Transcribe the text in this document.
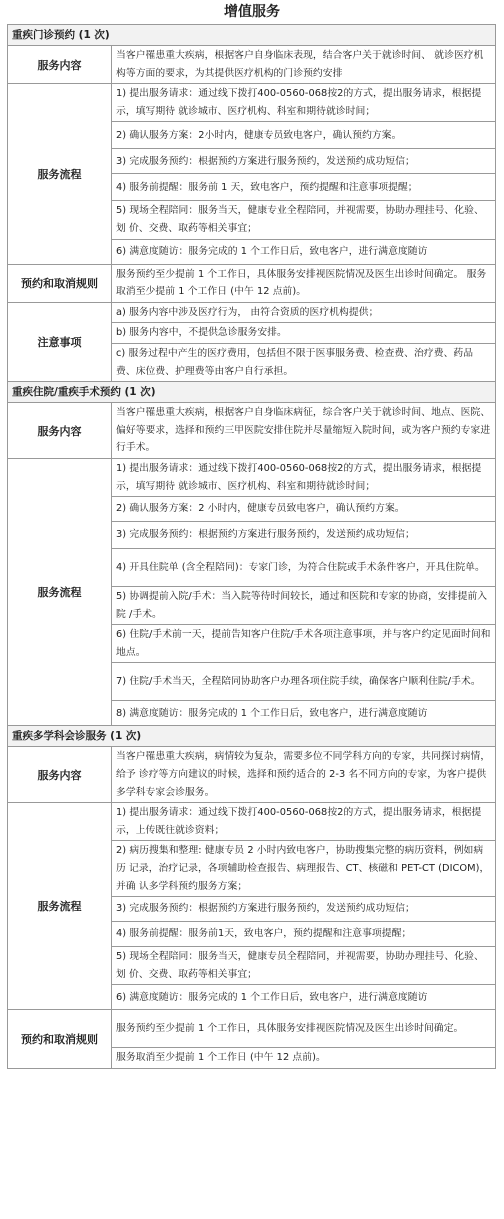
增值服务
重疾门诊预约 (1 次)	
服务内容	当客户罹患重大疾病，根据客户自身临床表现，结合客户关于就诊时间、 就诊医疗机构等方面的要求，为其提供医疗机构的门诊预约安排
服务流程	1) 提出服务请求：通过线下拨打400-0560-068按2的方式，提出服务请求，根据提示，填写期待 就诊城市、医疗机构、科室和期待就诊时间；
	2) 确认服务方案：2小时内，健康专员致电客户，确认预约方案。
	3) 完成服务预约：根据预约方案进行服务预约，发送预约成功短信；
	4) 服务前提醒：服务前 1 天，致电客户，预约提醒和注意事项提醒；
	5) 现场全程陪同：服务当天，健康专业全程陪同，并视需要，协助办理挂号、化验、划 价、交费、取药等相关事宜；
	6) 满意度随访：服务完成的 1 个工作日后，致电客户，进行满意度随访
预约和取消规则	服务预约至少提前 1 个工作日，具体服务安排视医院情况及医生出诊时间确定。 服务取消至少提前 1 个工作日 (中午 12 点前)。
注意事项	a) 服务内容中涉及医疗行为， 由符合资质的医疗机构提供；
	b) 服务内容中，不提供急诊服务安排。
	c) 服务过程中产生的医疗费用，包括但不限于医事服务费、检查费、治疗费、药品费、床位费、护理费等由客户自行承担。
重疾住院/重疾手术预约 (1 次)	
服务内容	当客户罹患重大疾病，根据客户自身临床病征，综合客户关于就诊时间、地点、医院、偏好等要求，选择和预约三甲医院安排住院并尽量缩短入院时间，或为客户预约专家进行手术。
服务流程	1) 提出服务请求：通过线下拨打400-0560-068按2的方式，提出服务请求，根据提示，填写期待 就诊城市、医疗机构、科室和期待就诊时间；
	2) 确认服务方案：2 小时内，健康专员致电客户，确认预约方案。
	3) 完成服务预约：根据预约方案进行服务预约，发送预约成功短信；
	4) 开具住院单 (含全程陪同)：专家门诊，为符合住院或手术条件客户，开具住院单。
	5) 协调提前入院/手术：当入院等待时间较长，通过和医院和专家的协商，安排提前入院 /手术。
	6) 住院/手术前一天，提前告知客户住院/手术各项注意事项，并与客户约定见面时间和 地点。
	7) 住院/手术当天，全程陪同协助客户办理各项住院手续，确保客户顺利住院/手术。
	8) 满意度随访：服务完成的 1 个工作日后，致电客户，进行满意度随访
重疾多学科会诊服务 (1 次)	
服务内容	当客户罹患重大疾病，病情较为复杂，需要多位不同学科方向的专家，共同探讨病情，给予 诊疗等方向建议的时候，选择和预约适合的 2-3 名不同方向的专家，为客户提供多学科专家会诊服务。
服务流程	1) 提出服务请求：通过线下拨打400-0560-068按2的方式，提出服务请求，根据提示，上传既往就诊资料；
	2) 病历搜集和整理: 健康专员 2 小时内致电客户，协助搜集完整的病历资料，例如病历 记录，治疗记录，各项辅助检查报告、病理报告、CT、核磁和 PET-CT (DICOM)，并确 认多学科预约服务方案；
	3) 完成服务预约：根据预约方案进行服务预约，发送预约成功短信；
	4) 服务前提醒：服务前1天，致电客户，预约提醒和注意事项提醒；
	5) 现场全程陪同：服务当天，健康专员全程陪同，并视需要，协助办理挂号、化验、划 价、交费、取药等相关事宜；
	6) 满意度随访：服务完成的 1 个工作日后，致电客户，进行满意度随访
预约和取消规则	服务预约至少提前 1 个工作日，具体服务安排视医院情况及医生出诊时间确定。
	服务取消至少提前 1 个工作日 (中午 12 点前)。
